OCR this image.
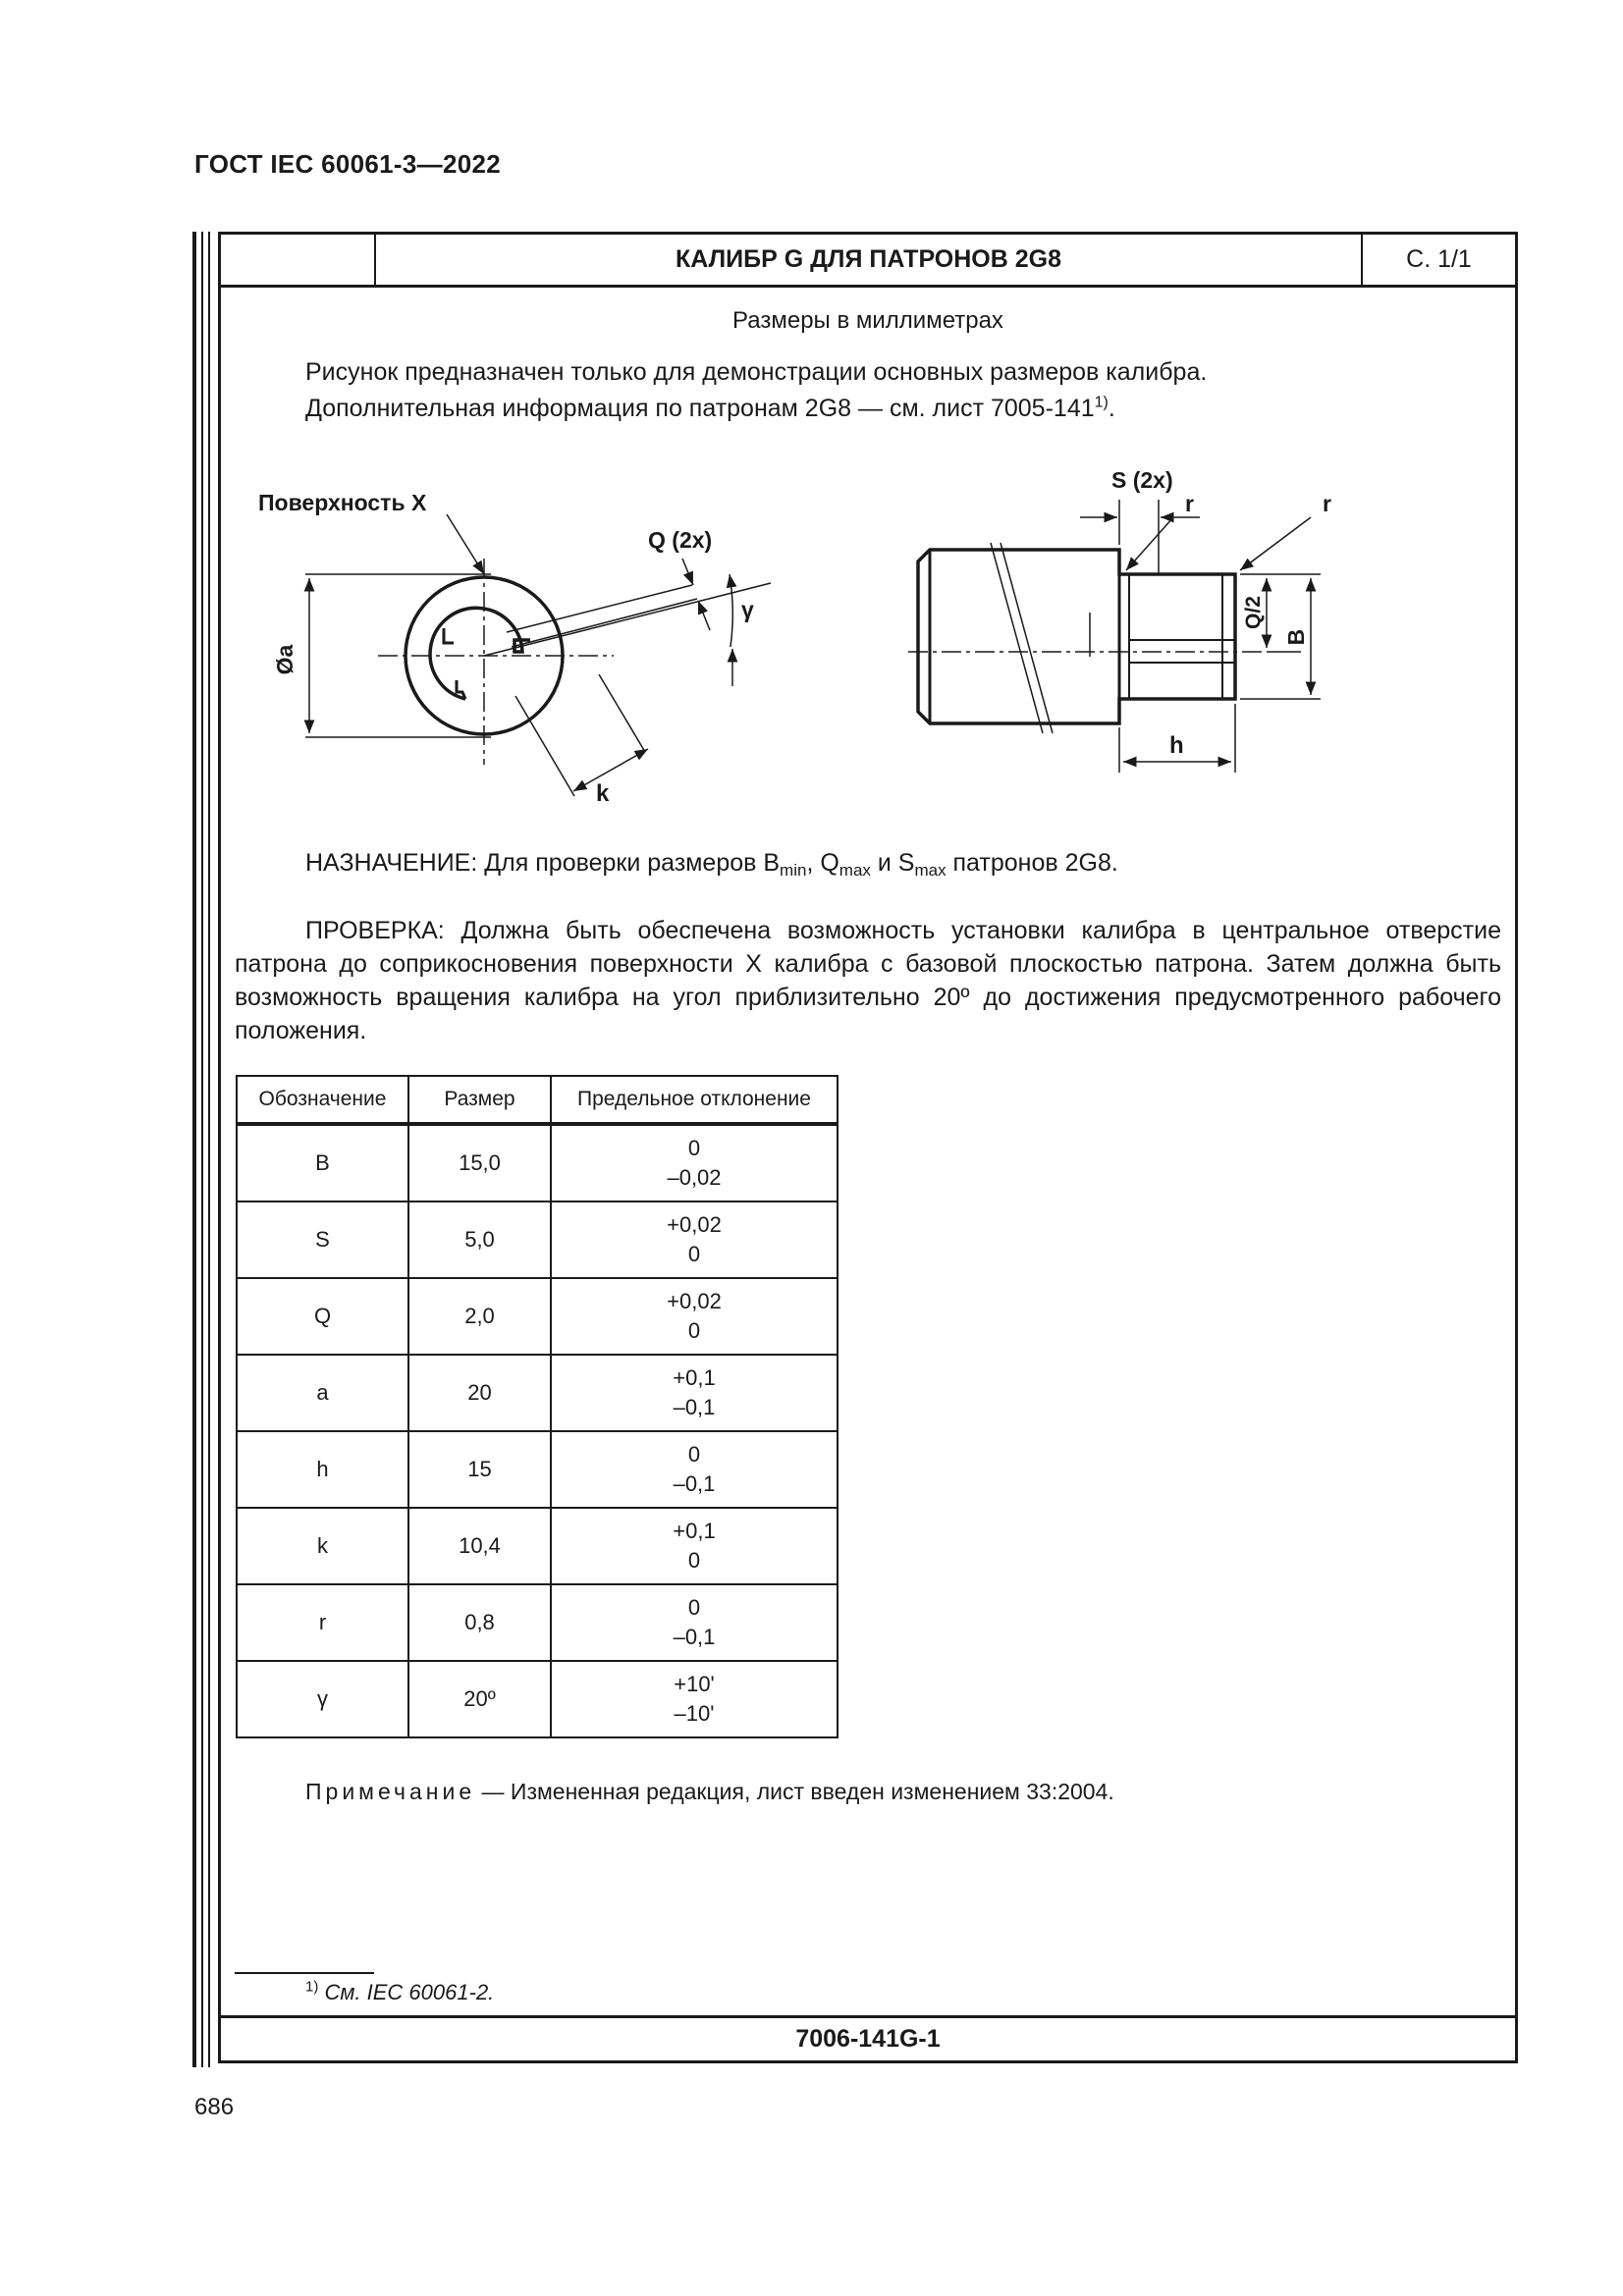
ГОСТ IEC 60061-3—2022
КАЛИБР G ДЛЯ ПАТРОНОВ 2G8	С. 1/1
Размеры в миллиметрах
Рисунок предназначен только для демонстрации основных размеров калибра.
Дополнительная информация по патронам 2G8 — см. лист 7005-141$^{1)}$.
Поверхность X
Q (2x)
γ
Øa
k
S (2x)
r	r
Q/2
B
h
НАЗНАЧЕНИЕ: Для проверки размеров $B_{min}$, $Q_{max}$ и $S_{max}$ патронов 2G8.
ПРОВЕРКА: Должна быть обеспечена возможность установки калибра в центральное отверстие патрона до соприкосновения поверхности X калибра с базовой плоскостью патрона. Затем должна быть возможность вращения калибра на угол приблизительно 20º до достижения предусмотренного рабочего положения.
Обозначение	Размер	Предельное отклонение
B	15,0	0
–0,02

S	5,0	+0,02
0

Q	2,0	+0,02
0

a	20	+0,1
–0,1

h	15	0
–0,1

k	10,4	+0,1
0

r	0,8	0
–0,1

γ	20º	+10'
–10'
Примечание — Измененная редакция, лист введен изменением 33:2004.
$^{1)}$ См. IEC 60061-2.
7006-141G-1
686
